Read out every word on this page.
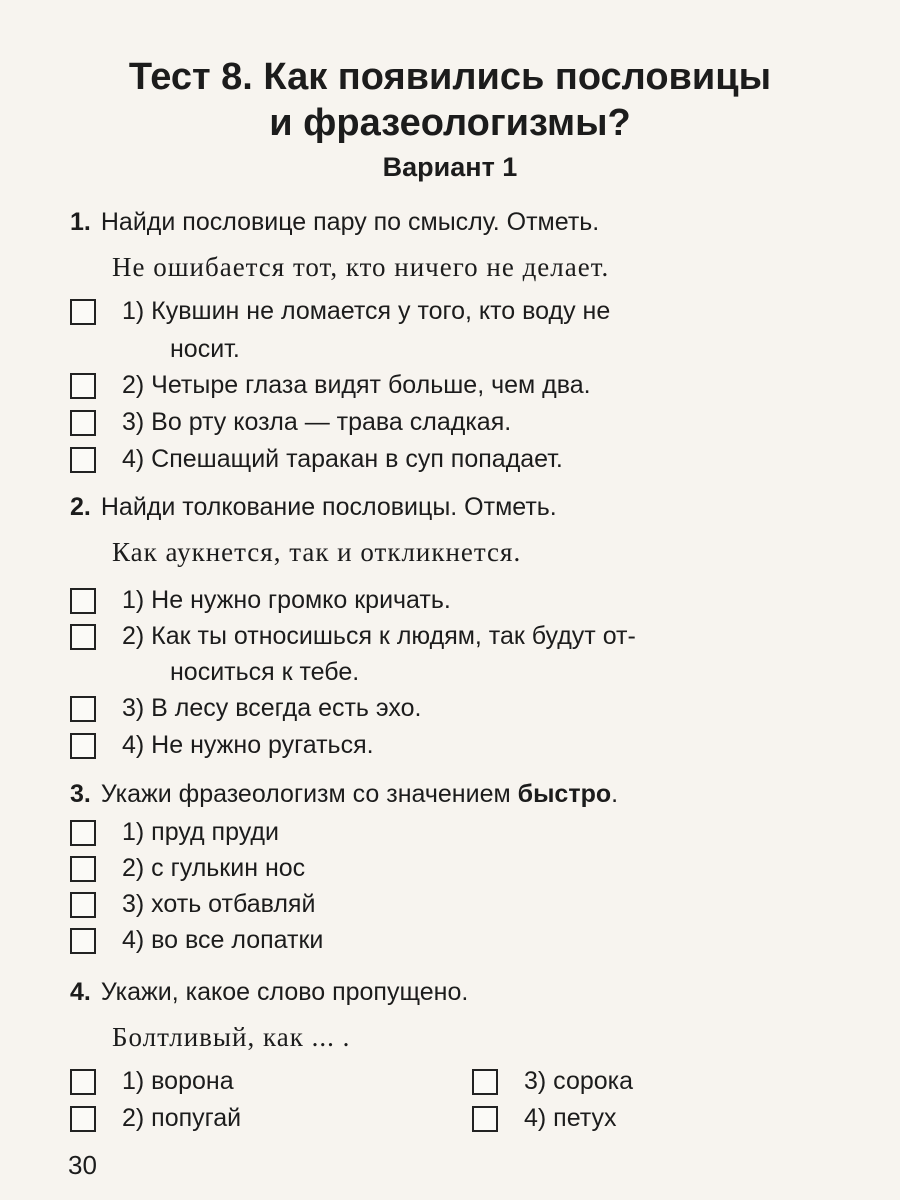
Тест 8. Как появились пословицы
и фразеологизмы?
Вариант 1
1. Найди пословице пару по смыслу. Отметь.
Не ошибается тот, кто ничего не делает.
1) Кувшин не ломается у того, кто воду не
носит.
2) Четыре глаза видят больше, чем два.
3) Во рту козла — трава сладкая.
4) Спешащий таракан в суп попадает.
2. Найди толкование пословицы. Отметь.
Как аукнется, так и откликнется.
1) Не нужно громко кричать.
2) Как ты относишься к людям, так будут от-
носиться к тебе.
3) В лесу всегда есть эхо.
4) Не нужно ругаться.
3. Укажи фразеологизм со значением быстро.
1) пруд пруди
2) с гулькин нос
3) хоть отбавляй
4) во все лопатки
4. Укажи, какое слово пропущено.
Болтливый, как ... .
1) ворона
2) попугай
3) сорока
4) петух
30
